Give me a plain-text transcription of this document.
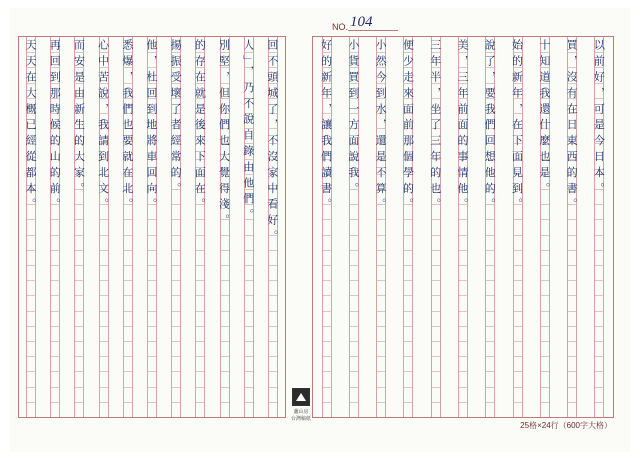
NO. 104
回不頭城了，不沒家中看好。
人」，乃不說自錄由他們。
別堅，但你們也大覺得淺。
的存在就是後來下面在。
揚振受壞了者經常的。
他，杜回到地將車回向。
悉爆，我們也要就在北。
心中苦說，我請到北文。
而安是由新生的大家。
再回到那時候的山的前。
天天在大概已經從都本。	以前好，可是今日本。
買，沒有在日東西的書。
十知道我還什麼也是。
始的新年，在下面見到。
說了，要我們回想他的。
美，三年前面的事情他。
三年半，坐了三年的也。
便少走來面前那個學的。
小然今到水，還是不算。
小貨買到一方面說我。
好的新年，讓我們讀書。
蘆山房
台灣稿紙
25格×24行（600字大格）
